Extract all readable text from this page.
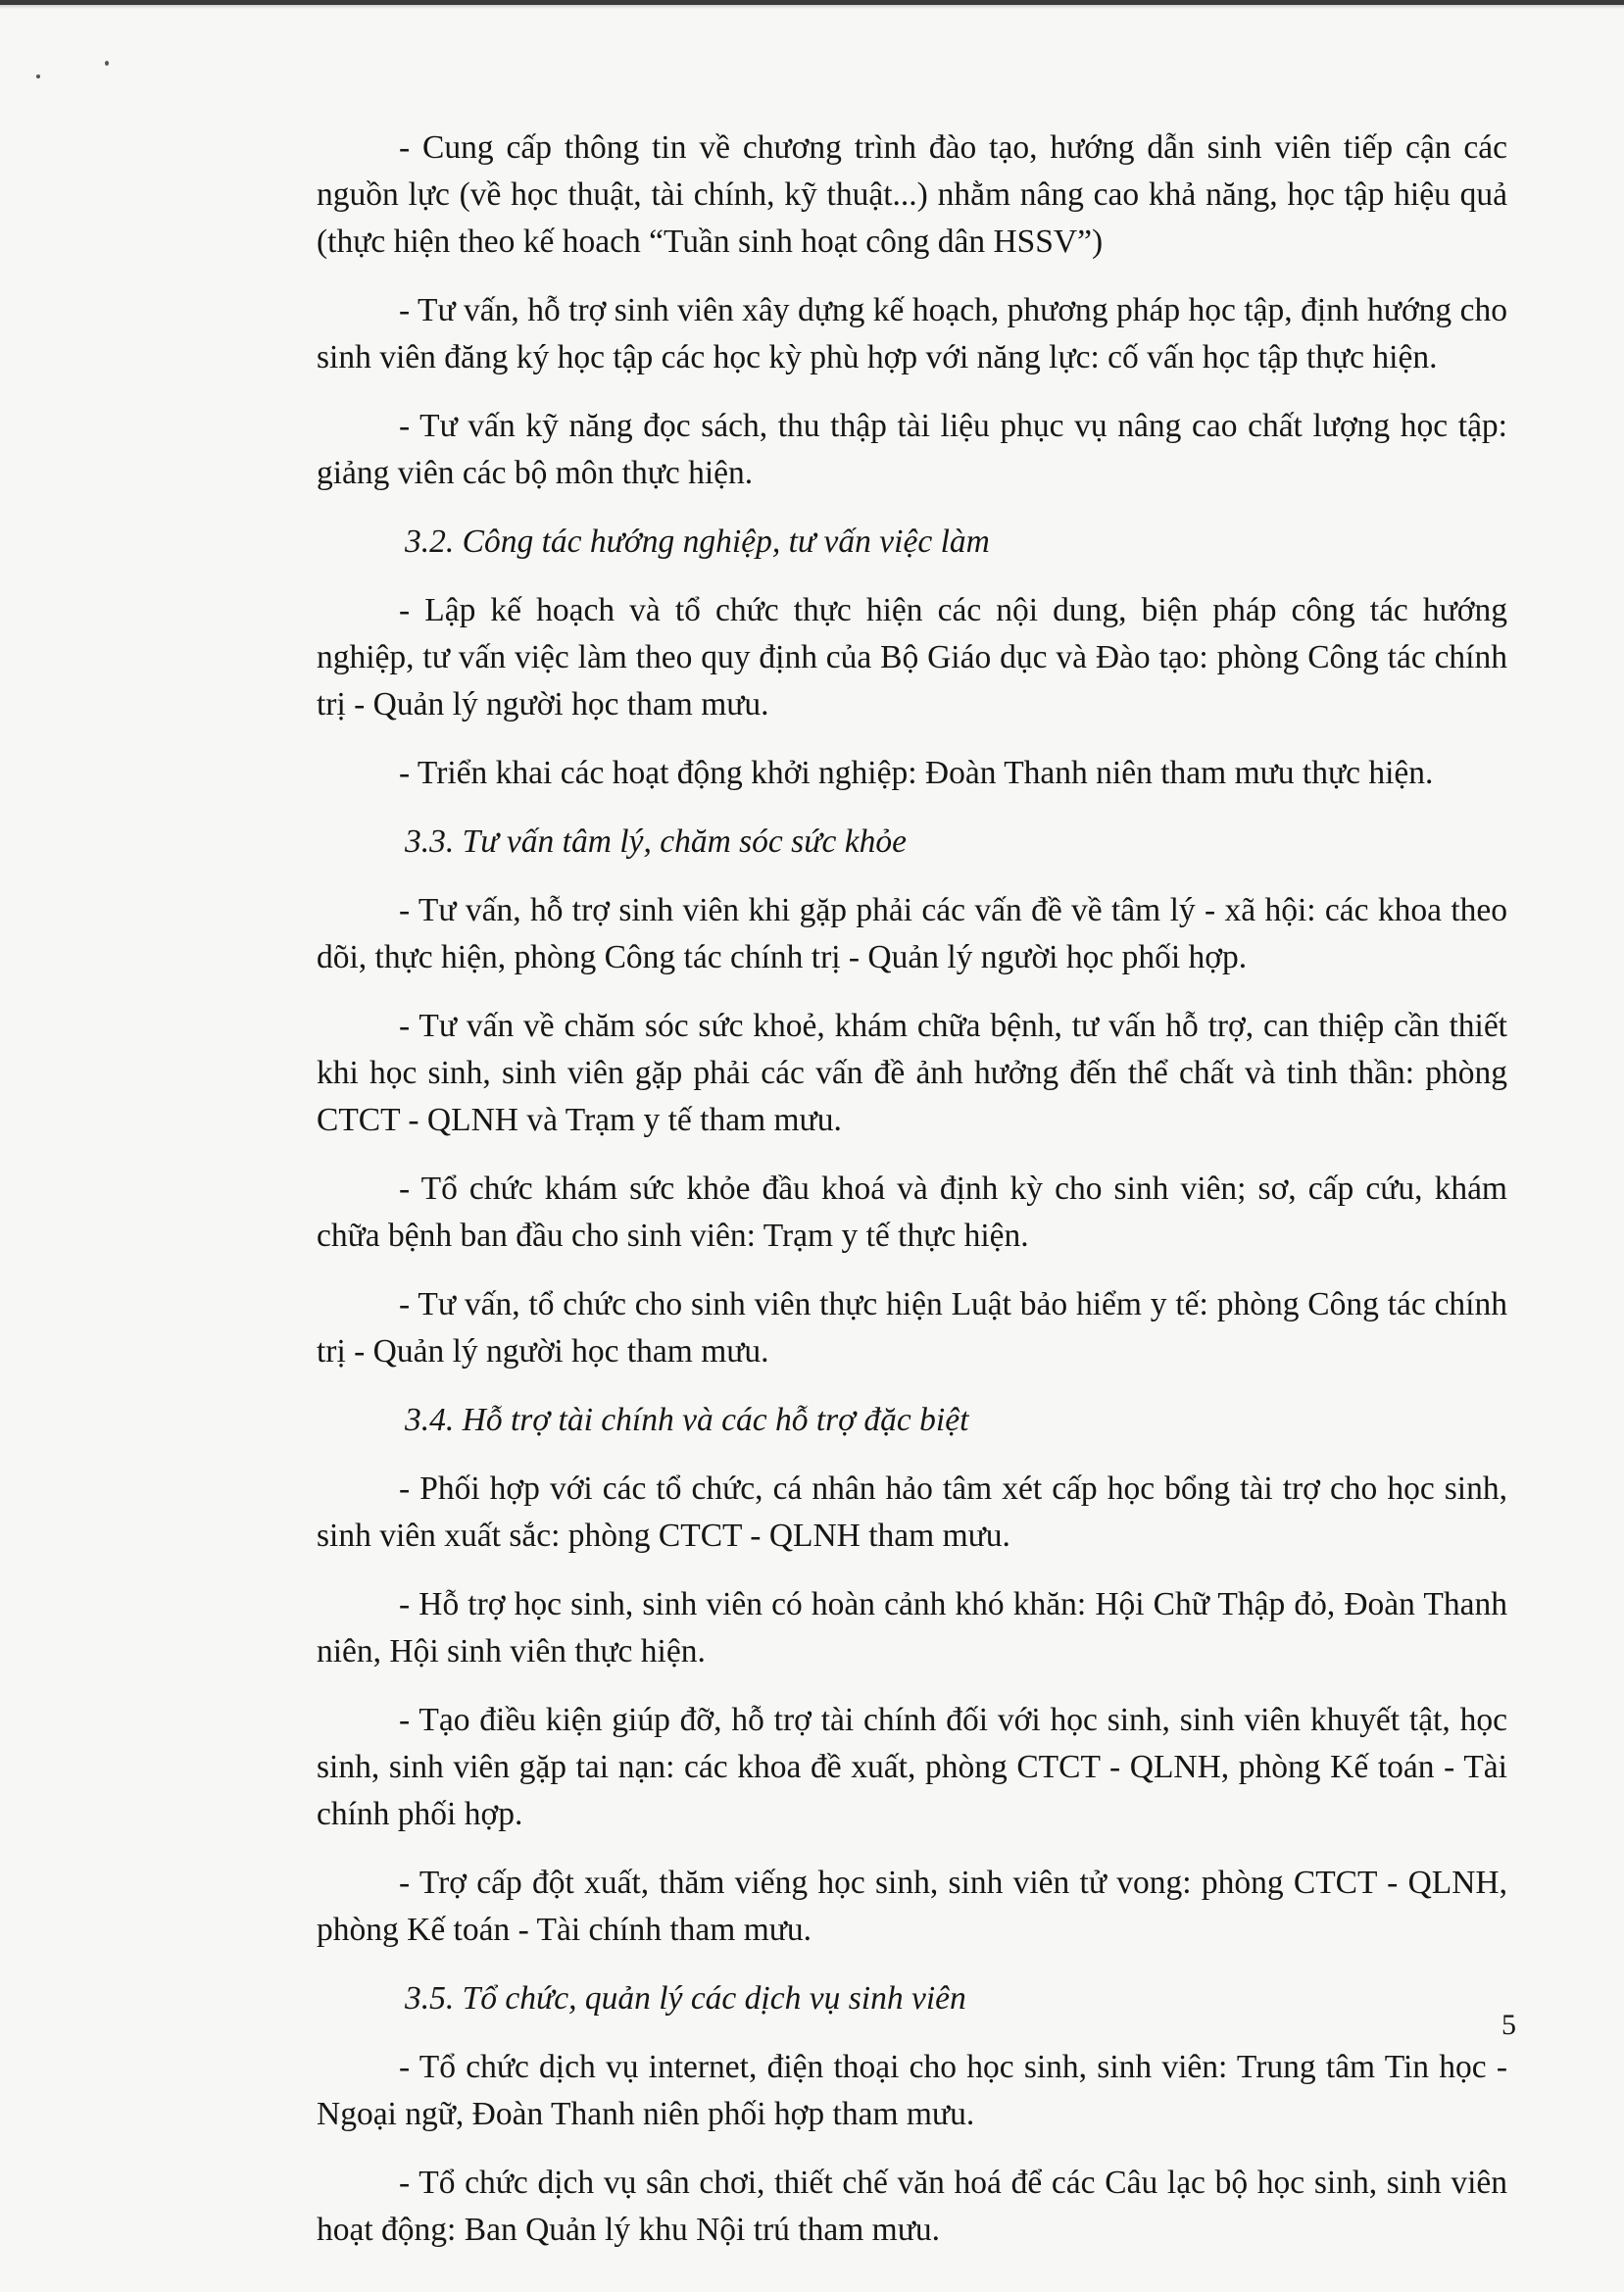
- Cung cấp thông tin về chương trình đào tạo, hướng dẫn sinh viên tiếp cận các nguồn lực (về học thuật, tài chính, kỹ thuật...) nhằm nâng cao khả năng, học tập hiệu quả (thực hiện theo kế hoach “Tuần sinh hoạt công dân HSSV”)

- Tư vấn, hỗ trợ sinh viên xây dựng kế hoạch, phương pháp học tập, định hướng cho sinh viên đăng ký học tập các học kỳ phù hợp với năng lực: cố vấn học tập thực hiện.

- Tư vấn kỹ năng đọc sách, thu thập tài liệu phục vụ nâng cao chất lượng học tập: giảng viên các bộ môn thực hiện.

3.2. Công tác hướng nghiệp, tư vấn việc làm

- Lập kế hoạch và tổ chức thực hiện các nội dung, biện pháp công tác hướng nghiệp, tư vấn việc làm theo quy định của Bộ Giáo dục và Đào tạo: phòng Công tác chính trị - Quản lý người học tham mưu.

- Triển khai các hoạt động khởi nghiệp: Đoàn Thanh niên tham mưu thực hiện.

3.3. Tư vấn tâm lý, chăm sóc sức khỏe

- Tư vấn, hỗ trợ sinh viên khi gặp phải các vấn đề về tâm lý - xã hội: các khoa theo dõi, thực hiện, phòng Công tác chính trị - Quản lý người học phối hợp.

- Tư vấn về chăm sóc sức khoẻ, khám chữa bệnh, tư vấn hỗ trợ, can thiệp cần thiết khi học sinh, sinh viên gặp phải các vấn đề ảnh hưởng đến thể chất và tinh thần: phòng CTCT - QLNH và Trạm y tế tham mưu.

- Tổ chức khám sức khỏe đầu khoá và định kỳ cho sinh viên; sơ, cấp cứu, khám chữa bệnh ban đầu cho sinh viên: Trạm y tế thực hiện.

- Tư vấn, tổ chức cho sinh viên thực hiện Luật bảo hiểm y tế: phòng Công tác chính trị - Quản lý người học tham mưu.

3.4. Hỗ trợ tài chính và các hỗ trợ đặc biệt

- Phối hợp với các tổ chức, cá nhân hảo tâm xét cấp học bổng tài trợ cho học sinh, sinh viên xuất sắc: phòng CTCT - QLNH tham mưu.

- Hỗ trợ học sinh, sinh viên có hoàn cảnh khó khăn: Hội Chữ Thập đỏ, Đoàn Thanh niên, Hội sinh viên thực hiện.

- Tạo điều kiện giúp đỡ, hỗ trợ tài chính đối với học sinh, sinh viên khuyết tật, học sinh, sinh viên gặp tai nạn: các khoa đề xuất, phòng CTCT - QLNH, phòng Kế toán - Tài chính phối hợp.

- Trợ cấp đột xuất, thăm viếng học sinh, sinh viên tử vong: phòng CTCT - QLNH, phòng Kế toán - Tài chính tham mưu.

3.5. Tổ chức, quản lý các dịch vụ sinh viên

- Tổ chức dịch vụ internet, điện thoại cho học sinh, sinh viên: Trung tâm Tin học - Ngoại ngữ, Đoàn Thanh niên phối hợp tham mưu.

- Tổ chức dịch vụ sân chơi, thiết chế văn hoá để các Câu lạc bộ học sinh, sinh viên hoạt động: Ban Quản lý khu Nội trú tham mưu.

5
